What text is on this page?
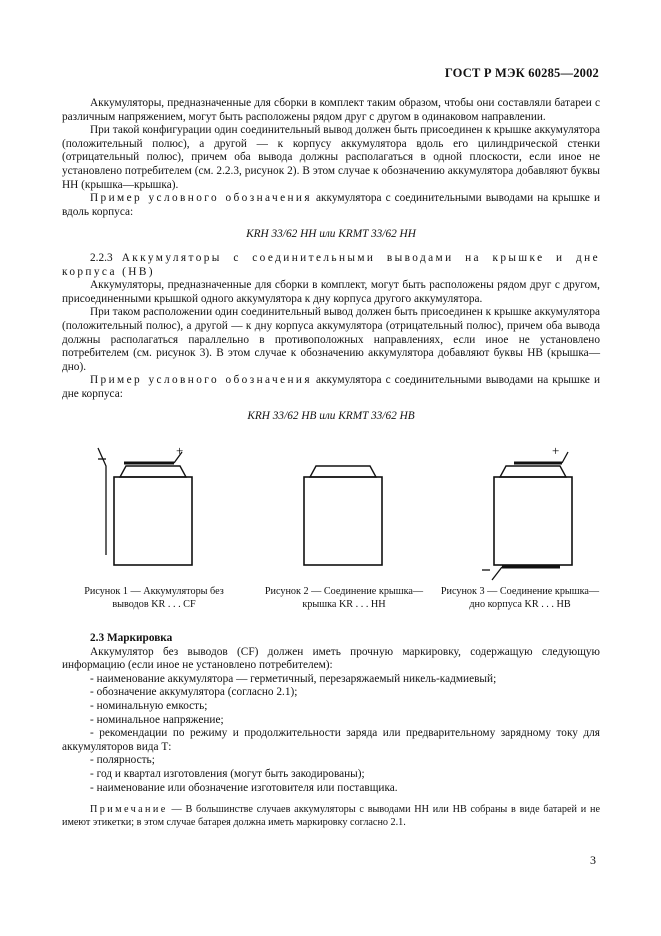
ГОСТ Р МЭК 60285—2002

Аккумуляторы, предназначенные для сборки в комплект таким образом, чтобы они составляли батареи с различным напряжением, могут быть расположены рядом друг с другом в одинаковом направлении.

При такой конфигурации один соединительный вывод должен быть присоединен к крышке аккумулятора (положительный полюс), а другой — к корпусу аккумулятора вдоль его цилиндрической стенки (отрицательный полюс), причем оба вывода должны располагаться в одной плоскости, если иное не установлено потребителем (см. 2.2.3, рисунок 2). В этом случае к обозначению аккумулятора добавляют буквы НН (крышка—крышка).

Пример условного обозначения аккумулятора с соединительными выводами на крышке и вдоль корпуса:

KRH 33/62 HH или KRMT 33/62 HH

2.2.3 Аккумуляторы с соединительными выводами на крышке и дне корпуса (НВ)

Аккумуляторы, предназначенные для сборки в комплект, могут быть расположены рядом друг с другом, присоединенными крышкой одного аккумулятора к дну корпуса другого аккумулятора.

При таком расположении один соединительный вывод должен быть присоединен к крышке аккумулятора (положительный полюс), а другой — к дну корпуса аккумулятора (отрицательный полюс), причем оба вывода должны располагаться параллельно в противоположных направлениях, если иное не установлено потребителем (см. рисунок 3). В этом случае к обозначению аккумулятора добавляют буквы НВ (крышка—дно).

Пример условного обозначения аккумулятора с соединительными выводами на крышке и дне корпуса:

KRH 33/62 HB или KRMT 33/62 HB

+	+
Рисунок 1 — Аккумуляторы без выводов KR . . . CF
Рисунок 2 — Соединение крышка—крышка KR . . . HH
Рисунок 3 — Соединение крышка—дно корпуса KR . . . HB

2.3 Маркировка

Аккумулятор без выводов (CF) должен иметь прочную маркировку, содержащую следующую информацию (если иное не установлено потребителем):

- наименование аккумулятора — герметичный, перезаряжаемый никель-кадмиевый;

- обозначение аккумулятора (согласно 2.1);

- номинальную емкость;

- номинальное напряжение;

- рекомендации по режиму и продолжительности заряда или предварительному зарядному току для аккумуляторов вида Т:

- полярность;

- год и квартал изготовления (могут быть закодированы);

- наименование или обозначение изготовителя или поставщика.

Примечание — В большинстве случаев аккумуляторы с выводами НН или НВ собраны в виде батарей и не имеют этикетки; в этом случае батарея должна иметь маркировку согласно 2.1.

3
